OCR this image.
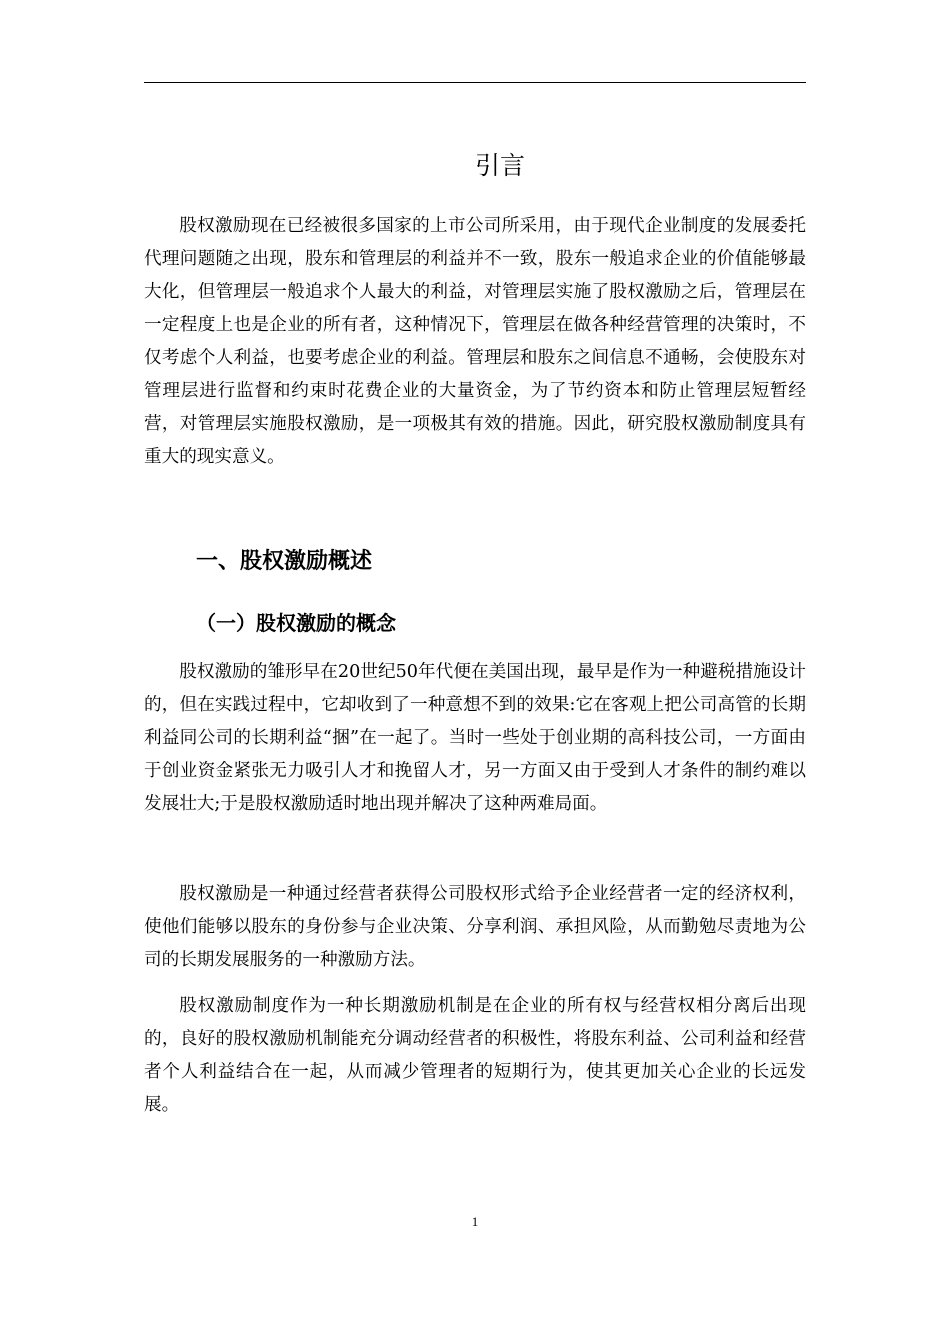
引言

股权激励现在已经被很多国家的上市公司所采用，由于现代企业制度的发展委托代理问题随之出现，股东和管理层的利益并不一致，股东一般追求企业的价值能够最大化，但管理层一般追求个人最大的利益，对管理层实施了股权激励之后，管理层在一定程度上也是企业的所有者，这种情况下，管理层在做各种经营管理的决策时，不仅考虑个人利益，也要考虑企业的利益。管理层和股东之间信息不通畅，会使股东对管理层进行监督和约束时花费企业的大量资金，为了节约资本和防止管理层短暂经营，对管理层实施股权激励，是一项极其有效的措施。因此，研究股权激励制度具有重大的现实意义。

一、股权激励概述
（一）股权激励的概念

股权激励的雏形早在20世纪50年代便在美国出现，最早是作为一种避税措施设计的，但在实践过程中，它却收到了一种意想不到的效果:它在客观上把公司高管的长期利益同公司的长期利益“捆”在一起了。当时一些处于创业期的高科技公司，一方面由于创业资金紧张无力吸引人才和挽留人才，另一方面又由于受到人才条件的制约难以发展壮大;于是股权激励适时地出现并解决了这种两难局面。

股权激励是一种通过经营者获得公司股权形式给予企业经营者一定的经济权利，使他们能够以股东的身份参与企业决策、分享利润、承担风险，从而勤勉尽责地为公司的长期发展服务的一种激励方法。

股权激励制度作为一种长期激励机制是在企业的所有权与经营权相分离后出现的，良好的股权激励机制能充分调动经营者的积极性，将股东利益、公司利益和经营者个人利益结合在一起，从而减少管理者的短期行为，使其更加关心企业的长远发展。

1
